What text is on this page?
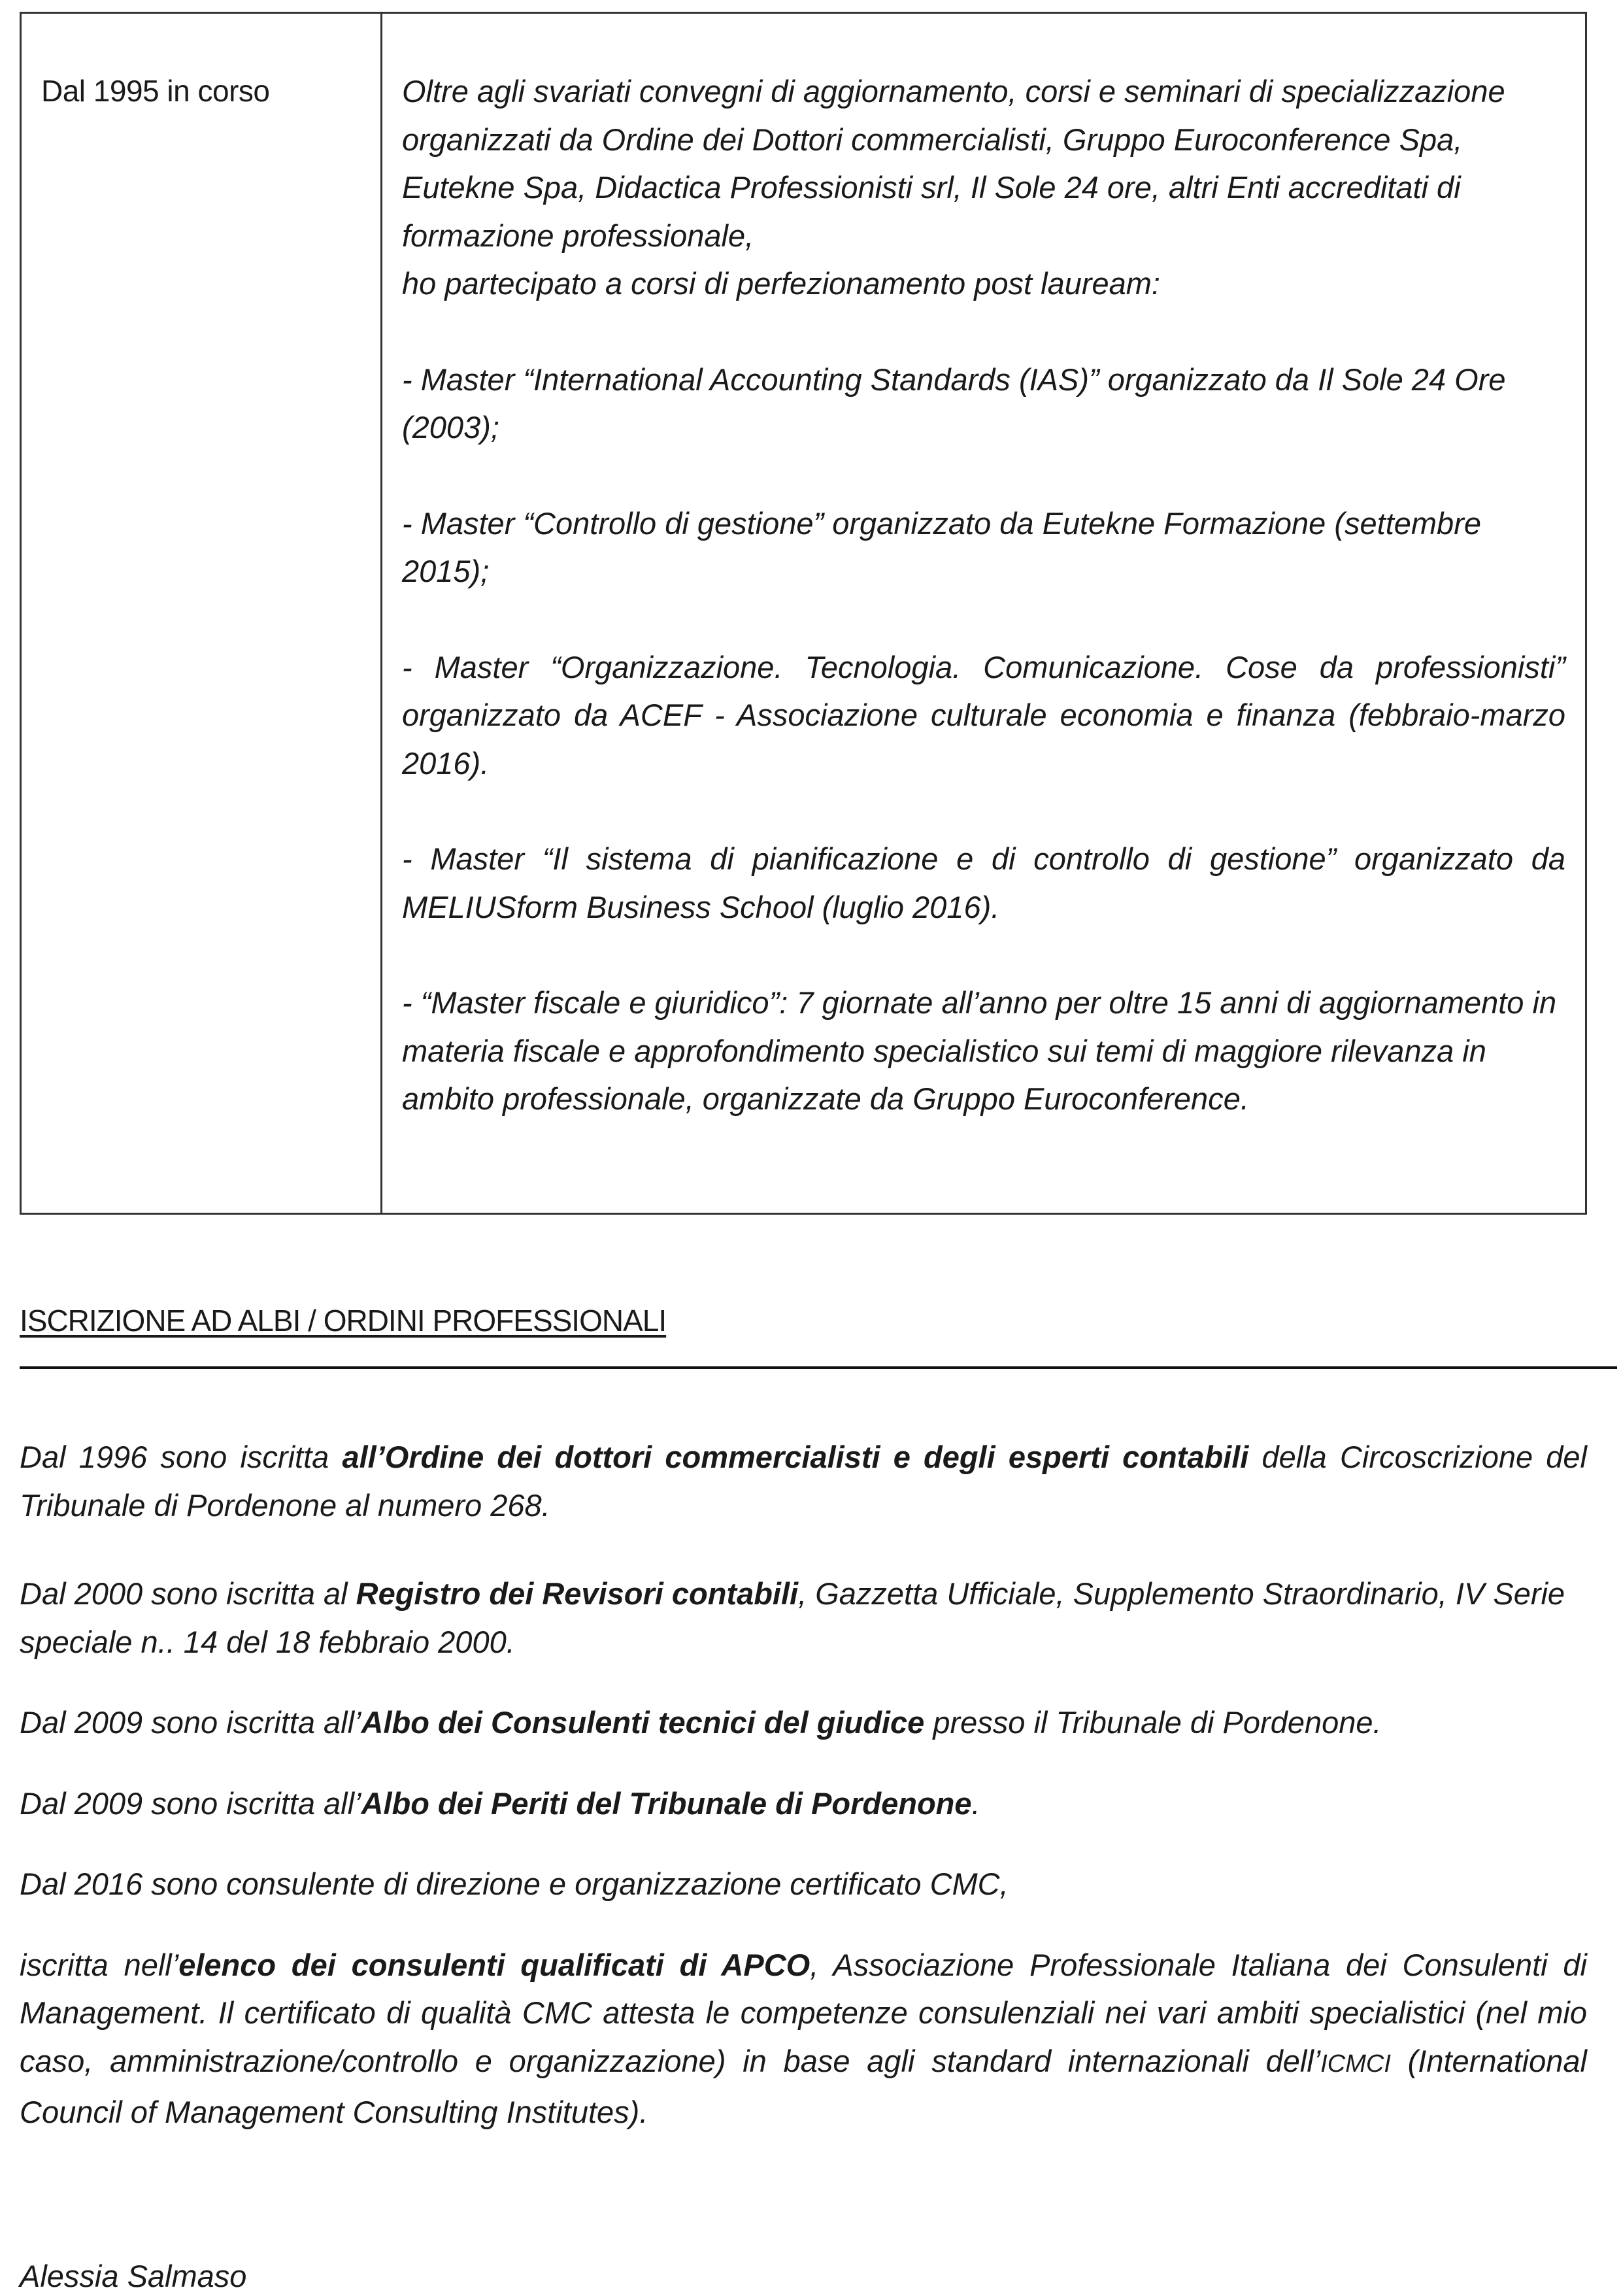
Dal 1995 in corso	Oltre agli svariati convegni di aggiornamento, corsi e seminari di specializzazione organizzati da Ordine dei Dottori commercialisti, Gruppo Euroconference Spa, Eutekne Spa, Didactica Professionisti srl, Il Sole 24 ore, altri Enti accreditati di formazione professionale,

ho partecipato a corsi di perfezionamento post lauream:

- Master “International Accounting Standards (IAS)” organizzato da Il Sole 24 Ore (2003);

- Master “Controllo di gestione” organizzato da Eutekne Formazione (settembre 2015);

- Master “Organizzazione. Tecnologia. Comunicazione. Cose da professionisti” organizzato da ACEF - Associazione culturale economia e finanza (febbraio-marzo 2016).

- Master “Il sistema di pianificazione e di controllo di gestione” organizzato da MELIUSform Business School (luglio 2016).

- “Master fiscale e giuridico”: 7 giornate all’anno per oltre 15 anni di aggiornamento in materia fiscale e approfondimento specialistico sui temi di maggiore rilevanza in ambito professionale, organizzate da Gruppo Euroconference.

ISCRIZIONE AD ALBI / ORDINI PROFESSIONALI

Dal 1996 sono iscritta all’Ordine dei dottori commercialisti e degli esperti contabili della Circoscrizione del Tribunale di Pordenone al numero 268.

Dal 2000 sono iscritta al Registro dei Revisori contabili, Gazzetta Ufficiale, Supplemento Straordinario, IV Serie speciale n.. 14 del 18 febbraio 2000.

Dal 2009 sono iscritta all’Albo dei Consulenti tecnici del giudice presso il Tribunale di Pordenone.

Dal 2009 sono iscritta all’Albo dei Periti del Tribunale di Pordenone.

Dal 2016 sono consulente di direzione e organizzazione certificato CMC,

iscritta nell’elenco dei consulenti qualificati di APCO, Associazione Professionale Italiana dei Consulenti di Management. Il certificato di qualità CMC attesta le competenze consulenziali nei vari ambiti specialistici (nel mio caso, amministrazione/controllo e organizzazione) in base agli standard internazionali dell’ICMCI (International Council of Management Consulting Institutes).

Alessia Salmaso
